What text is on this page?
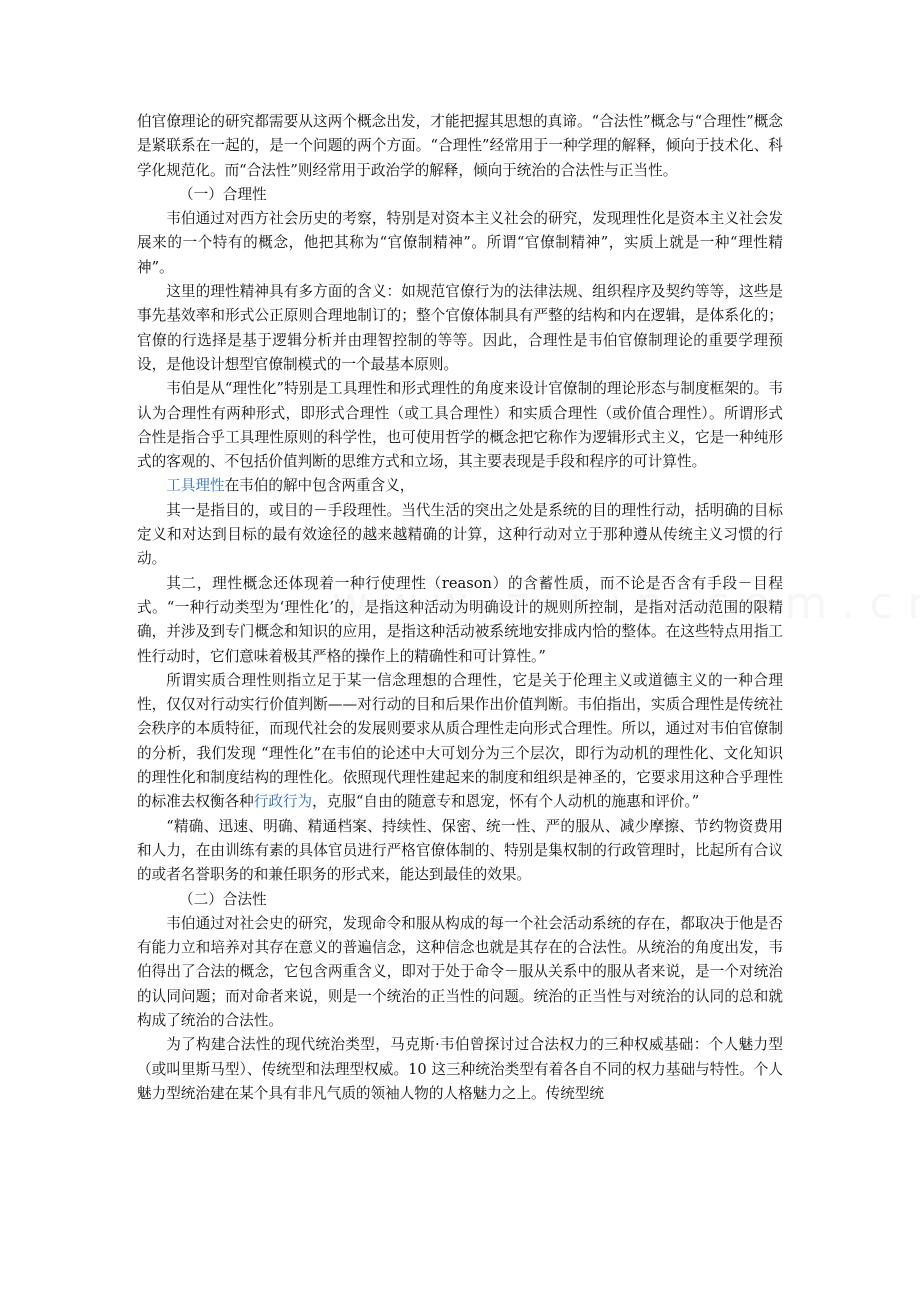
伯官僚理论的研究都需要从这两个概念出发，才能把握其思想的真谛。“合法性”概念与“合理性”概念是紧联系在一起的，是一个问题的两个方面。“合理性”经常用于一种学理的解释，倾向于技术化、科学化规范化。而“合法性”则经常用于政治学的解释，倾向于统治的合法性与正当性。

（一）合理性

韦伯通过对西方社会历史的考察，特别是对资本主义社会的研究，发现理性化是资本主义社会发展来的一个特有的概念，他把其称为“官僚制精神”。所谓“官僚制精神”，实质上就是一种“理性精神”。

这里的理性精神具有多方面的含义：如规范官僚行为的法律法规、组织程序及契约等等，这些是事先基效率和形式公正原则合理地制订的；整个官僚体制具有严整的结构和内在逻辑，是体系化的；官僚的行选择是基于逻辑分析并由理智控制的等等。因此，合理性是韦伯官僚制理论的重要学理预设，是他设计想型官僚制模式的一个最基本原则。

韦伯是从“理性化”特别是工具理性和形式理性的角度来设计官僚制的理论形态与制度框架的。韦认为合理性有两种形式，即形式合理性（或工具合理性）和实质合理性（或价值合理性）。所谓形式合性是指合乎工具理性原则的科学性，也可使用哲学的概念把它称作为逻辑形式主义，它是一种纯形式的客观的、不包括价值判断的思维方式和立场，其主要表现是手段和程序的可计算性。

工具理性在韦伯的解中包含两重含义，

其一是指目的，或目的－手段理性。当代生活的突出之处是系统的目的理性行动，括明确的目标定义和对达到目标的最有效途径的越来越精确的计算，这种行动对立于那种遵从传统主义习惯的行动。

其二，理性概念还体现着一种行使理性（reason）的含蓄性质，而不论是否含有手段－目程式。“一种行动类型为‘理性化’的，是指这种活动为明确设计的规则所控制，是指对活动范围的限精确，并涉及到专门概念和知识的应用，是指这种活动被系统地安排成内恰的整体。在这些特点用指工性行动时，它们意味着极其严格的操作上的精确性和可计算性。”

所谓实质合理性则指立足于某一信念理想的合理性，它是关于伦理主义或道德主义的一种合理性，仅仅对行动实行价值判断——对行动的目和后果作出价值判断。韦伯指出，实质合理性是传统社会秩序的本质特征，而现代社会的发展则要求从质合理性走向形式合理性。所以，通过对韦伯官僚制的分析，我们发现 “理性化”在韦伯的论述中大可划分为三个层次，即行为动机的理性化、文化知识的理性化和制度结构的理性化。依照现代理性建起来的制度和组织是神圣的，它要求用这种合乎理性的标准去权衡各种行政行为，克服“自由的随意专和恩宠，怀有个人动机的施惠和评价。”

“精确、迅速、明确、精通档案、持续性、保密、统一性、严的服从、减少摩擦、节约物资费用和人力，在由训练有素的具体官员进行严格官僚体制的、特别是集权制的行政管理时，比起所有合议的或者名誉职务的和兼任职务的形式来，能达到最佳的效果。

（二）合法性

韦伯通过对社会史的研究，发现命令和服从构成的每一个社会活动系统的存在，都取决于他是否有能力立和培养对其存在意义的普遍信念，这种信念也就是其存在的合法性。从统治的角度出发，韦伯得出了合法的概念，它包含两重含义，即对于处于命令－服从关系中的服从者来说，是一个对统治的认同问题；而对命者来说，则是一个统治的正当性的问题。统治的正当性与对统治的认同的总和就构成了统治的合法性。

为了构建合法性的现代统治类型，马克斯·韦伯曾探讨过合法权力的三种权威基础：个人魅力型（或叫里斯马型）、传统型和法理型权威。10 这三种统治类型有着各自不同的权力基础与特性。个人魅力型统治建在某个具有非凡气质的领袖人物的人格魅力之上。传统型统
